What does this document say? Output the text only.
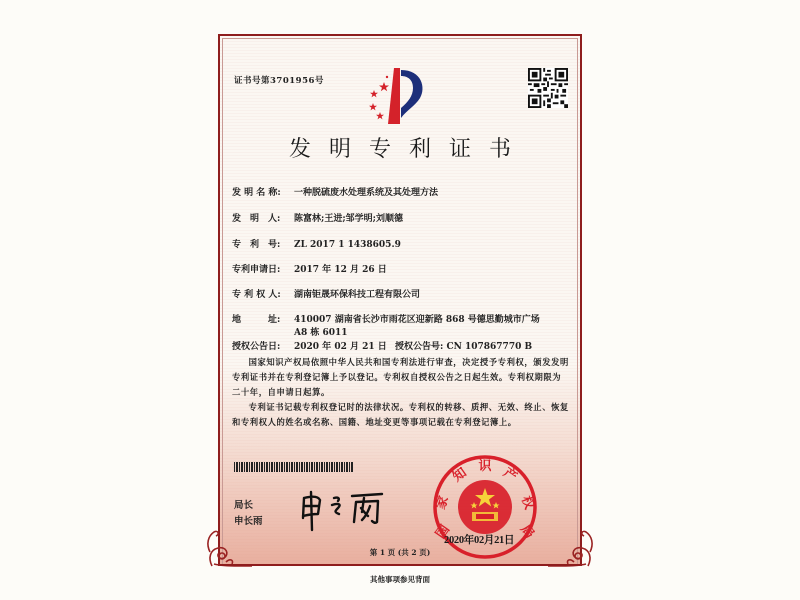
证书号第3701956号
发明专利证书
发 明 名 称: 一种脱硫废水处理系统及其处理方法
发　明　人: 陈富林;王进;邹学明;刘顺德
专　利　号: ZL 2017 1 1438605.9
专利申请日: 2017 年 12 月 26 日
专 利 权 人: 湖南钜晟环保科技工程有限公司
地　　　址: 410007 湖南省长沙市雨花区迎新路 868 号德思勤城市广场
A8 栋 6011
授权公告日: 2020 年 02 月 21 日 授权公告号: CN 107867770 B
国家知识产权局依照中华人民共和国专利法进行审查，决定授予专利权，颁发发明专利证书并在专利登记簿上予以登记。专利权自授权公告之日起生效。专利权期限为二十年，自申请日起算。
专利证书记载专利权登记时的法律状况。专利权的转移、质押、无效、终止、恢复和专利权人的姓名或名称、国籍、地址变更等事项记载在专利登记簿上。
局长
申长雨
国
家
知 识 产
权
局
2020年02月21日
第 1 页 (共 2 页)
其他事项参见背面
